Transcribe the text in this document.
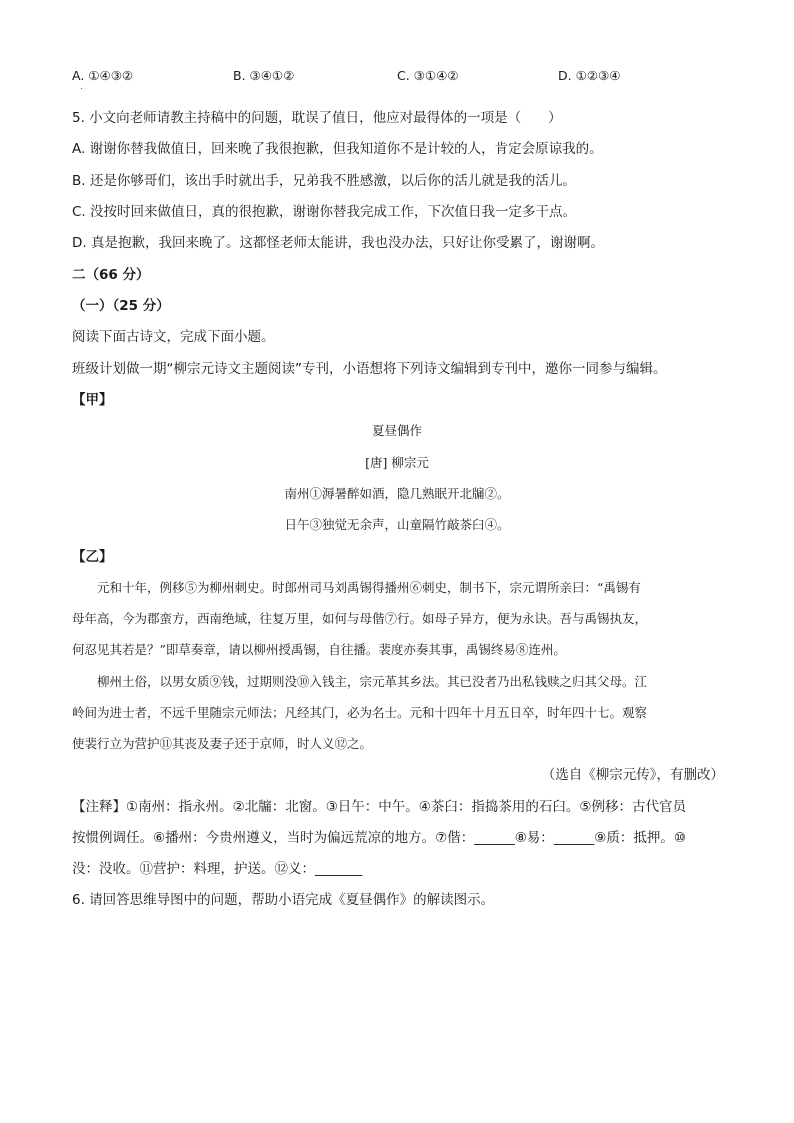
A. ①④③②
.
B. ③④①②	C. ③①④②	D. ①②③④
5. 小文向老师请教主持稿中的问题，耽误了值日，他应对最得体的一项是（　　）
A. 谢谢你替我做值日，回来晚了我很抱歉，但我知道你不是计较的人，肯定会原谅我的。
B. 还是你够哥们，该出手时就出手，兄弟我不胜感激，以后你的活儿就是我的活儿。
C. 没按时回来做值日，真的很抱歉，谢谢你替我完成工作，下次值日我一定多干点。
D. 真是抱歉，我回来晚了。这都怪老师太能讲，我也没办法，只好让你受累了，谢谢啊。
二（66 分）
（一）（25 分）
阅读下面古诗文，完成下面小题。
班级计划做一期“柳宗元诗文主题阅读”专刊，小语想将下列诗文编辑到专刊中，邀你一同参与编辑。
【甲】
夏昼偶作
[唐] 柳宗元
南州①溽暑醉如酒，隐几熟眠开北牖②。
日午③独觉无余声，山童隔竹敲茶臼④。
【乙】
　　元和十年，例移⑤为柳州刺史。时郎州司马刘禹锡得播州⑥刺史，制书下，宗元谓所亲曰：“禹锡有
母年高，今为郡蛮方，西南绝域，往复万里，如何与母偕⑦行。如母子异方，便为永诀。吾与禹锡执友，
何忍见其若是？”即草奏章，请以柳州授禹锡，自往播。裴度亦奏其事，禹锡终易⑧连州。
　　柳州土俗，以男女质⑨钱，过期则没⑩入钱主，宗元革其乡法。其已没者乃出私钱赎之归其父母。江
岭间为进士者，不远千里随宗元师法；凡经其门，必为名士。元和十四年十月五日卒，时年四十七。观察
使裴行立为营护⑪其丧及妻子还于京师，时人义⑫之。
（选自《柳宗元传》，有删改）
【注释】①南州：指永州。②北牖：北窗。③日午：中午。④茶臼：指捣茶用的石臼。⑤例移：古代官员
按惯例调任。⑥播州：今贵州遵义，当时为偏远荒凉的地方。⑦偕：______⑧易：______⑨质：抵押。⑩
没：没收。⑪营护：料理，护送。⑫义：_______
6. 请回答思维导图中的问题，帮助小语完成《夏昼偶作》的解读图示。
